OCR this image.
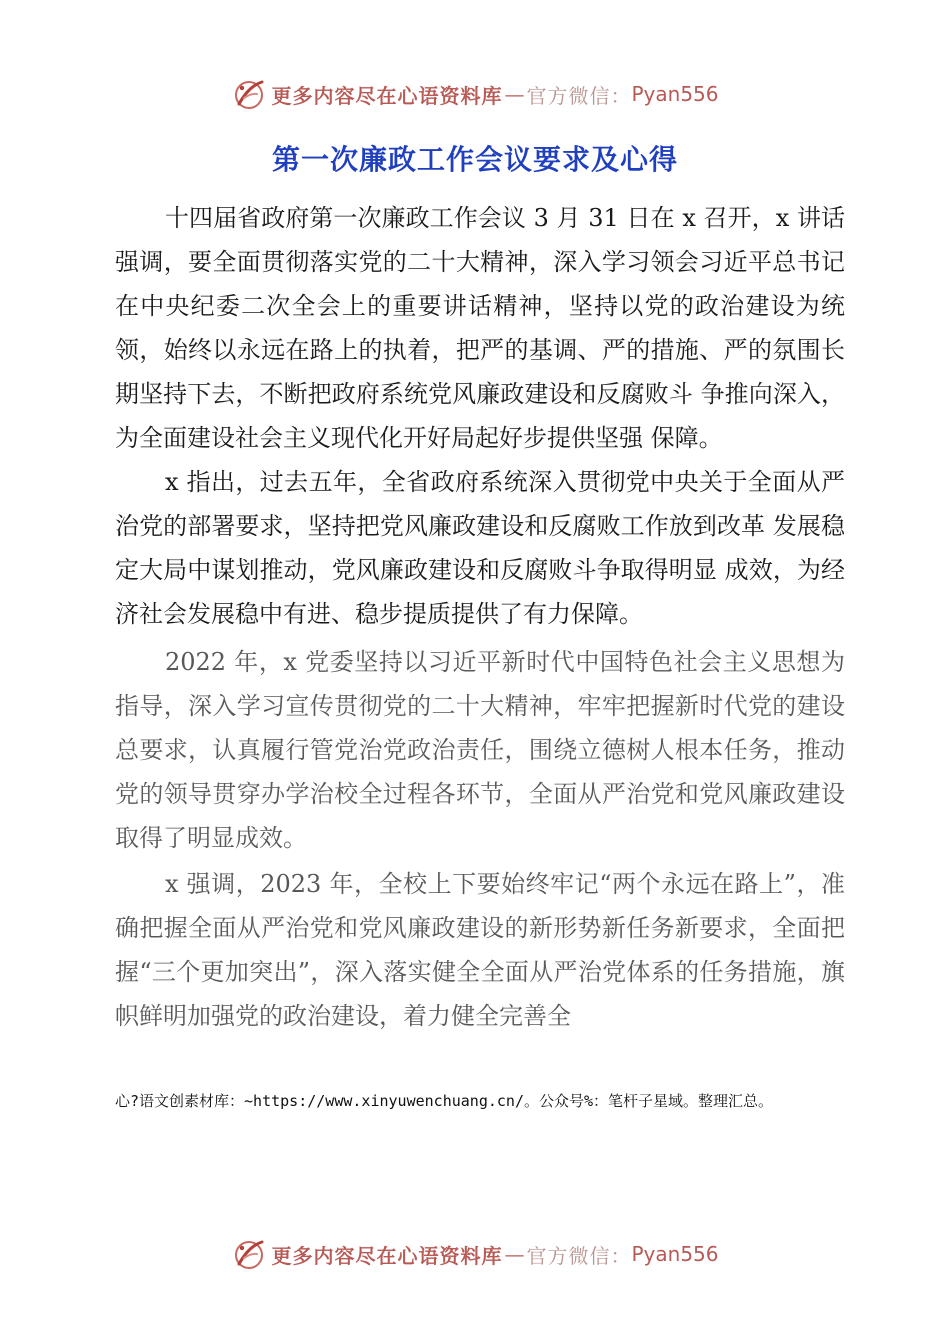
更多内容尽在心语资料库 — 官方微信： Pyan556
第一次廉政工作会议要求及心得

十四届省政府第一次廉政工作会议 3 月 31 日在 x 召开，x 讲话强调，要全面贯彻落实党的二十大精神，深入学习领会习近平总书记在中央纪委二次全会上的重要讲话精神，坚持以党的政治建设为统领，始终以永远在路上的执着，把严的基调、严的措施、严的氛围长期坚持下去，不断把政府系统党风廉政建设和反腐败斗 争推向深入，为全面建设社会主义现代化开好局起好步提供坚强 保障。

x 指出，过去五年，全省政府系统深入贯彻党中央关于全面从严治党的部署要求，坚持把党风廉政建设和反腐败工作放到改革 发展稳定大局中谋划推动，党风廉政建设和反腐败斗争取得明显 成效，为经济社会发展稳中有进、稳步提质提供了有力保障。

2022 年，x 党委坚持以习近平新时代中国特色社会主义思想为指导，深入学习宣传贯彻党的二十大精神，牢牢把握新时代党的建设总要求，认真履行管党治党政治责任，围绕立德树人根本任务，推动党的领导贯穿办学治校全过程各环节，全面从严治党和党风廉政建设取得了明显成效。

x 强调，2023 年，全校上下要始终牢记“两个永远在路上”，准确把握全面从严治党和党风廉政建设的新形势新任务新要求，全面把握“三个更加突出”，深入落实健全全面从严治党体系的任务措施，旗帜鲜明加强党的政治建设，着力健全完善全

心?语文创素材库：~https://www.xinyuwenchuang.cn/。公众号%：笔杆子星域。整理汇总。
更多内容尽在心语资料库 — 官方微信： Pyan556
